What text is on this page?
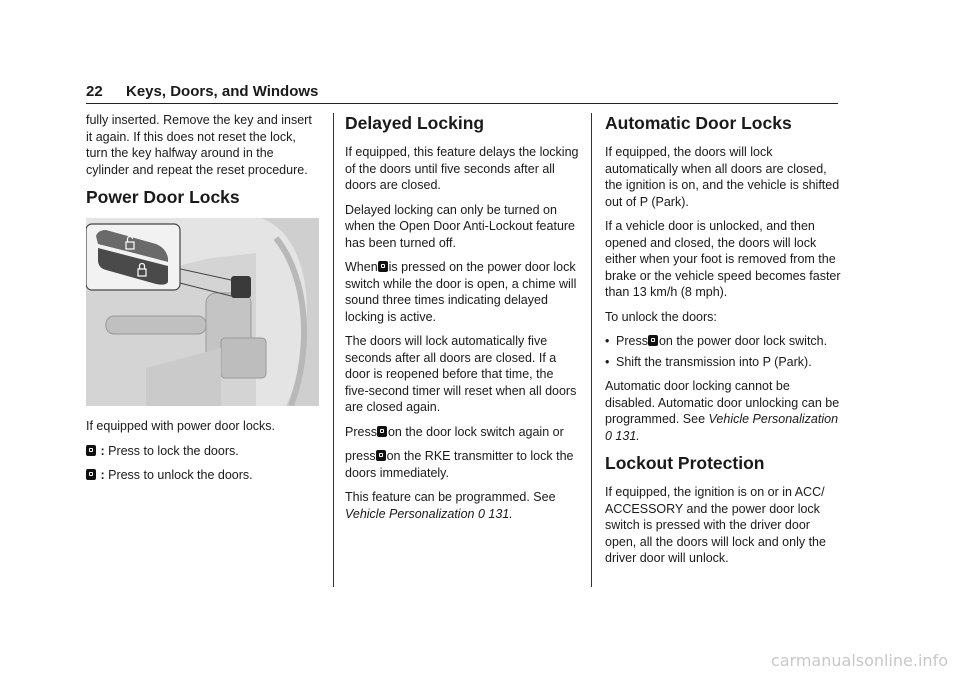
22 Keys, Doors, and Windows

fully inserted. Remove the key and insert it again. If this does not reset the lock, turn the key halfway around in the cylinder and repeat the reset procedure.

Power Door Locks

If equipped with power door locks.

: Press to lock the doors.

: Press to unlock the doors.

Delayed Locking

If equipped, this feature delays the locking of the doors until five seconds after all doors are closed.

Delayed locking can only be turned on when the Open Door Anti-Lockout feature has been turned off.

When is pressed on the power door lock switch while the door is open, a chime will sound three times indicating delayed locking is active.

The doors will lock automatically five seconds after all doors are closed. If a door is reopened before that time, the five-second timer will reset when all doors are closed again.

Press on the door lock switch again or

press on the RKE transmitter to lock the doors immediately.

This feature can be programmed. See Vehicle Personalization 0 131.

Automatic Door Locks

If equipped, the doors will lock automatically when all doors are closed, the ignition is on, and the vehicle is shifted out of P (Park).

If a vehicle door is unlocked, and then opened and closed, the doors will lock either when your foot is removed from the brake or the vehicle speed becomes faster than 13 km/h (8 mph).

To unlock the doors:

• Press on the power door lock switch.
• Shift the transmission into P (Park).

Automatic door locking cannot be disabled. Automatic door unlocking can be programmed. See Vehicle Personalization
0 131.

Lockout Protection

If equipped, the ignition is on or in ACC/ ACCESSORY and the power door lock switch is pressed with the driver door open, all the doors will lock and only the driver door will unlock.

carmanualsonline.info
